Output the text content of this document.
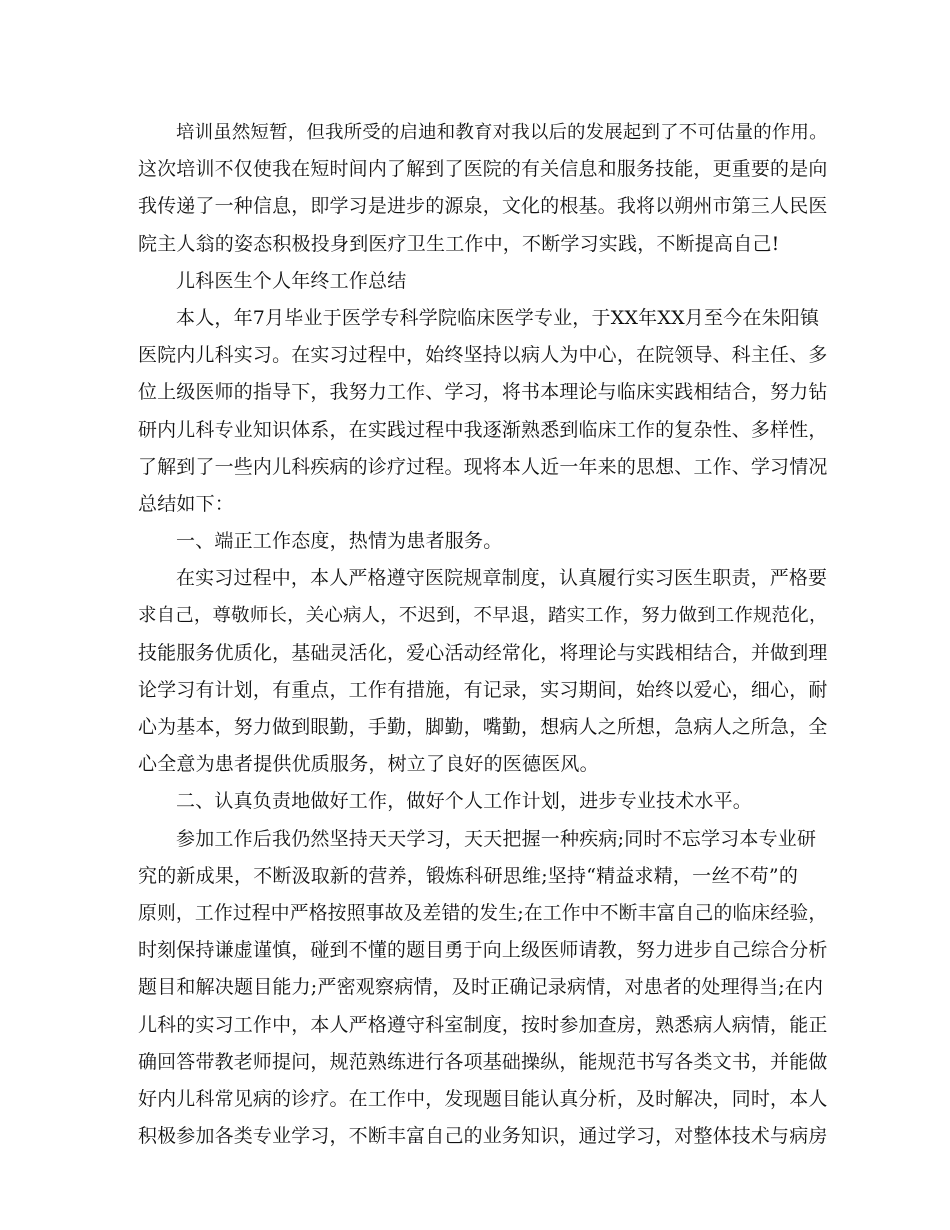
培训虽然短暂，但我所受的启迪和教育对我以后的发展起到了不可估量的作用。
这次培训不仅使我在短时间内了解到了医院的有关信息和服务技能，更重要的是向
我传递了一种信息，即学习是进步的源泉，文化的根基。我将以朔州市第三人民医
院主人翁的姿态积极投身到医疗卫生工作中，不断学习实践，不断提高自己!
儿科医生个人年终工作总结
本人，年7月毕业于医学专科学院临床医学专业，于XX年XX月至今在朱阳镇
医院内儿科实习。在实习过程中，始终坚持以病人为中心，在院领导、科主任、多
位上级医师的指导下，我努力工作、学习，将书本理论与临床实践相结合，努力钻
研内儿科专业知识体系，在实践过程中我逐渐熟悉到临床工作的复杂性、多样性，
了解到了一些内儿科疾病的诊疗过程。现将本人近一年来的思想、工作、学习情况
总结如下：
一、端正工作态度，热情为患者服务。
在实习过程中，本人严格遵守医院规章制度，认真履行实习医生职责，严格要
求自己，尊敬师长，关心病人，不迟到，不早退，踏实工作，努力做到工作规范化，
技能服务优质化，基础灵活化，爱心活动经常化，将理论与实践相结合，并做到理
论学习有计划，有重点，工作有措施，有记录，实习期间，始终以爱心，细心，耐
心为基本，努力做到眼勤，手勤，脚勤，嘴勤，想病人之所想，急病人之所急，全
心全意为患者提供优质服务，树立了良好的医德医风。
二、认真负责地做好工作，做好个人工作计划，进步专业技术水平。
参加工作后我仍然坚持天天学习，天天把握一种疾病;同时不忘学习本专业研
究的新成果，不断汲取新的营养，锻炼科研思维;坚持“精益求精，一丝不苟”的
原则，工作过程中严格按照事故及差错的发生;在工作中不断丰富自己的临床经验，
时刻保持谦虚谨慎，碰到不懂的题目勇于向上级医师请教，努力进步自己综合分析
题目和解决题目能力;严密观察病情，及时正确记录病情，对患者的处理得当;在内
儿科的实习工作中，本人严格遵守科室制度，按时参加查房，熟悉病人病情，能正
确回答带教老师提问，规范熟练进行各项基础操纵，能规范书写各类文书，并能做
好内儿科常见病的诊疗。在工作中，发现题目能认真分析，及时解决，同时，本人
积极参加各类专业学习，不断丰富自己的业务知识，通过学习，对整体技术与病房
